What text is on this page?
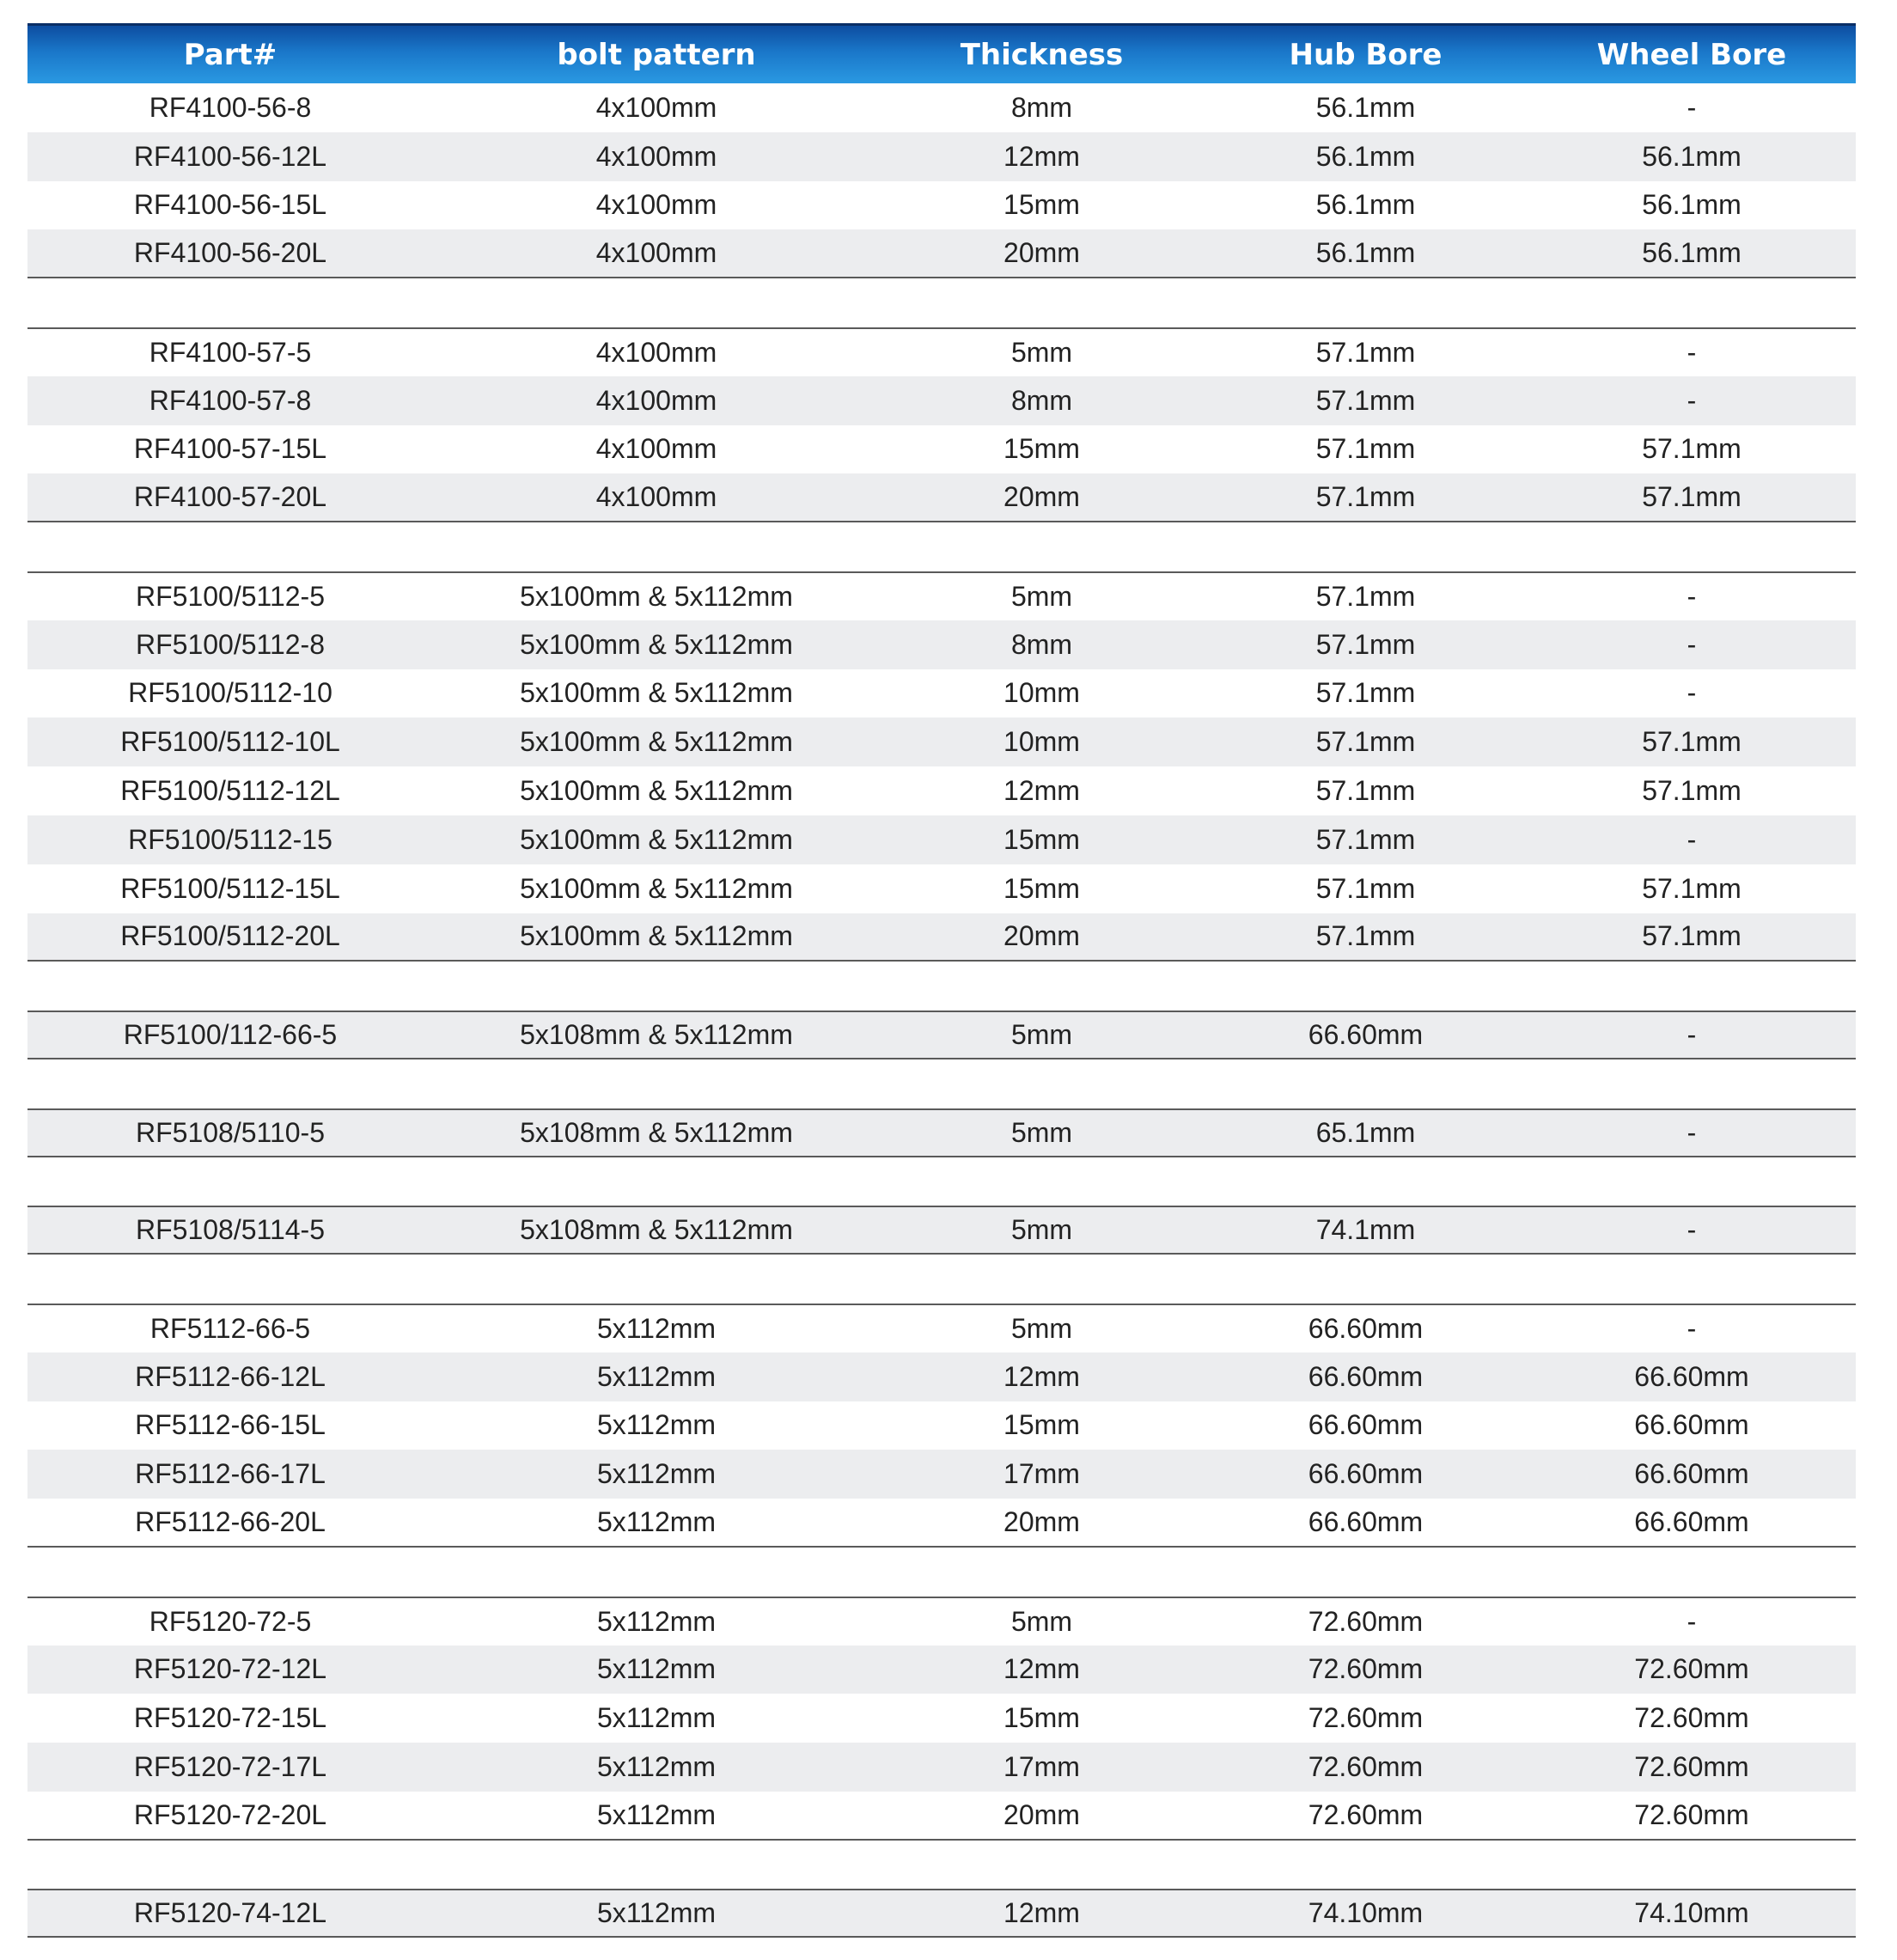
Part#	bolt pattern	Thickness	Hub Bore	Wheel Bore
RF4100-56-8	4x100mm	8mm	56.1mm	-
RF4100-56-12L	4x100mm	12mm	56.1mm	56.1mm
RF4100-56-15L	4x100mm	15mm	56.1mm	56.1mm
RF4100-56-20L	4x100mm	20mm	56.1mm	56.1mm
RF4100-57-5	4x100mm	5mm	57.1mm	-
RF4100-57-8	4x100mm	8mm	57.1mm	-
RF4100-57-15L	4x100mm	15mm	57.1mm	57.1mm
RF4100-57-20L	4x100mm	20mm	57.1mm	57.1mm
RF5100/5112-5	5x100mm & 5x112mm	5mm	57.1mm	-
RF5100/5112-8	5x100mm & 5x112mm	8mm	57.1mm	-
RF5100/5112-10	5x100mm & 5x112mm	10mm	57.1mm	-
RF5100/5112-10L	5x100mm & 5x112mm	10mm	57.1mm	57.1mm
RF5100/5112-12L	5x100mm & 5x112mm	12mm	57.1mm	57.1mm
RF5100/5112-15	5x100mm & 5x112mm	15mm	57.1mm	-
RF5100/5112-15L	5x100mm & 5x112mm	15mm	57.1mm	57.1mm
RF5100/5112-20L	5x100mm & 5x112mm	20mm	57.1mm	57.1mm
RF5100/112-66-5	5x108mm & 5x112mm	5mm	66.60mm	-
RF5108/5110-5	5x108mm & 5x112mm	5mm	65.1mm	-
RF5108/5114-5	5x108mm & 5x112mm	5mm	74.1mm	-
RF5112-66-5	5x112mm	5mm	66.60mm	-
RF5112-66-12L	5x112mm	12mm	66.60mm	66.60mm
RF5112-66-15L	5x112mm	15mm	66.60mm	66.60mm
RF5112-66-17L	5x112mm	17mm	66.60mm	66.60mm
RF5112-66-20L	5x112mm	20mm	66.60mm	66.60mm
RF5120-72-5	5x112mm	5mm	72.60mm	-
RF5120-72-12L	5x112mm	12mm	72.60mm	72.60mm
RF5120-72-15L	5x112mm	15mm	72.60mm	72.60mm
RF5120-72-17L	5x112mm	17mm	72.60mm	72.60mm
RF5120-72-20L	5x112mm	20mm	72.60mm	72.60mm
RF5120-74-12L	5x112mm	12mm	74.10mm	74.10mm
